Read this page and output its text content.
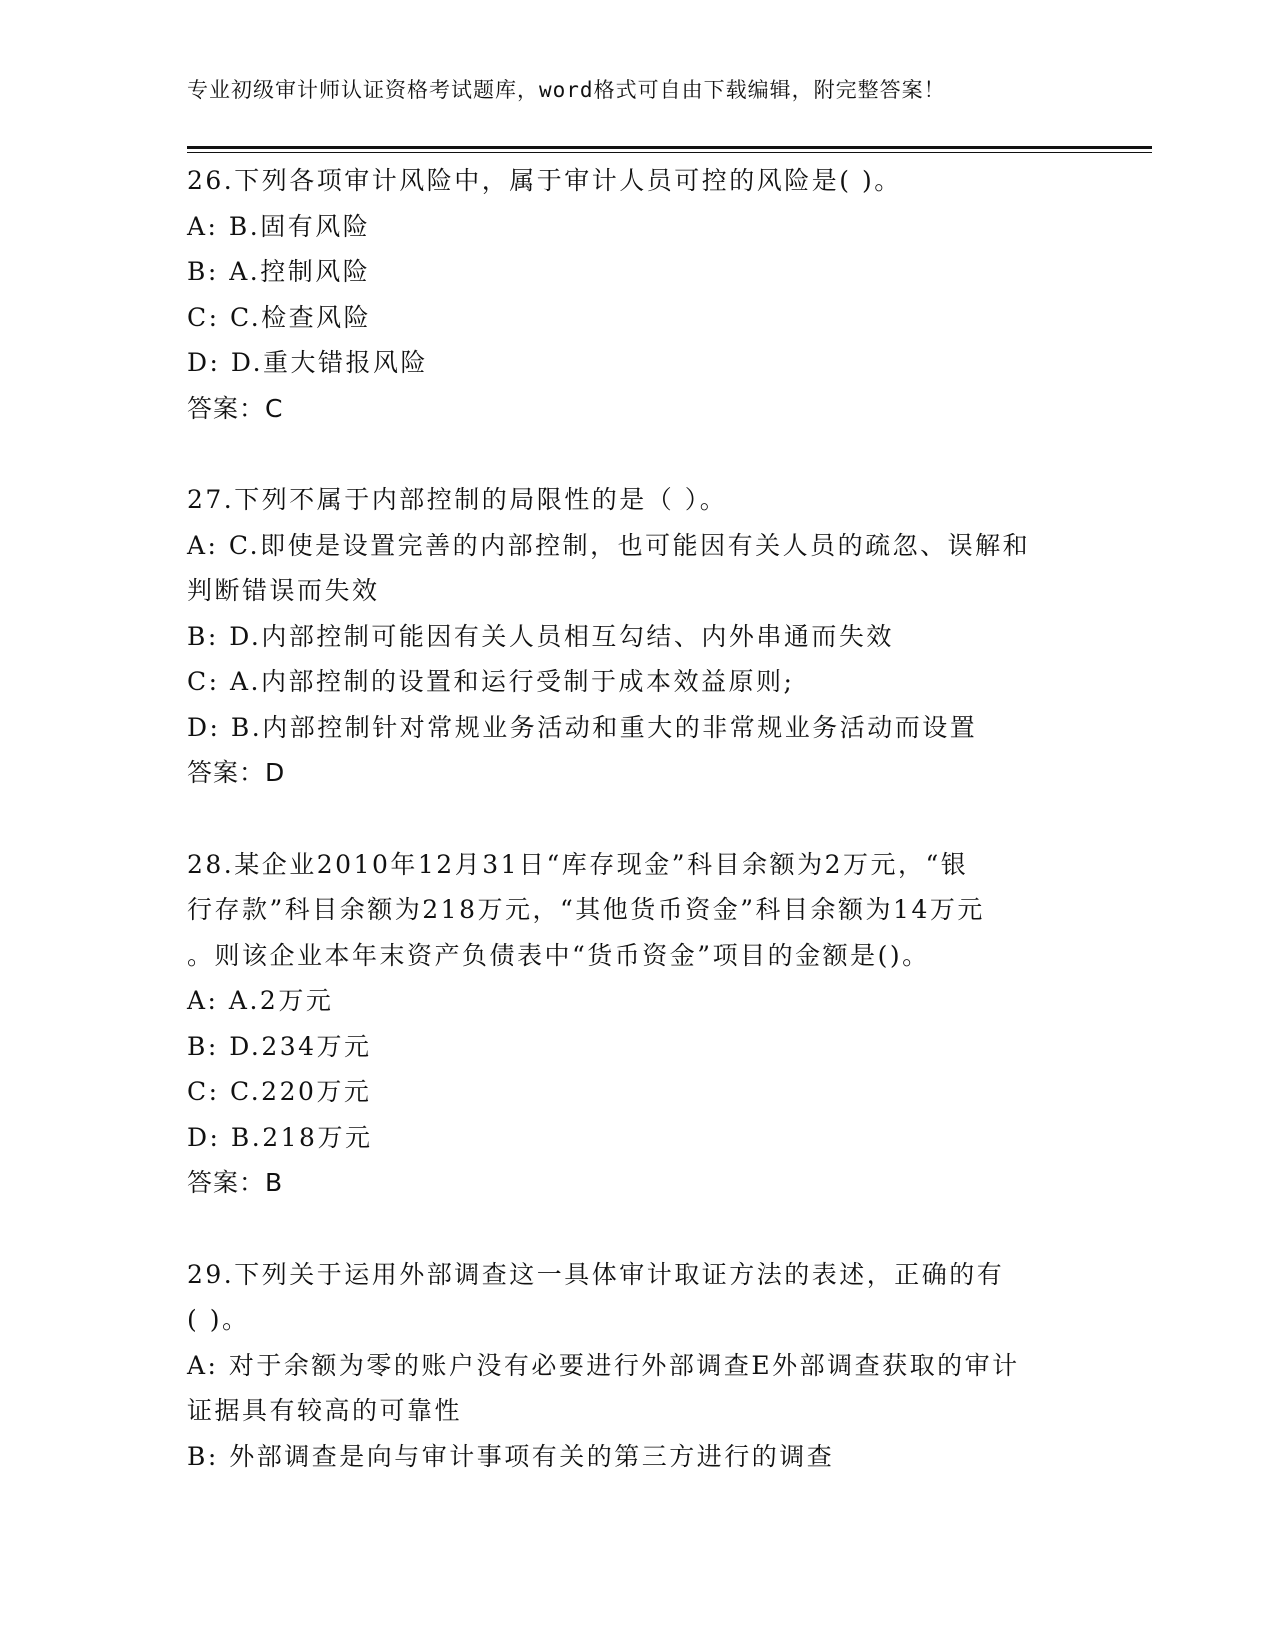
专业初级审计师认证资格考试题库，word格式可自由下载编辑，附完整答案！

26.下列各项审计风险中，属于审计人员可控的风险是( )。

A: B.固有风险

B: A.控制风险

C: C.检查风险

D: D.重大错报风险

答案：C

27.下列不属于内部控制的局限性的是（ ）。

A: C.即使是设置完善的内部控制，也可能因有关人员的疏忽、误解和

判断错误而失效

B: D.内部控制可能因有关人员相互勾结、内外串通而失效

C: A.内部控制的设置和运行受制于成本效益原则;

D: B.内部控制针对常规业务活动和重大的非常规业务活动而设置

答案：D

28.某企业2010年12月31日“库存现金”科目余额为2万元，“银

行存款”科目余额为218万元，“其他货币资金”科目余额为14万元

。则该企业本年末资产负债表中“货币资金”项目的金额是()。

A: A.2万元

B: D.234万元

C: C.220万元

D: B.218万元

答案：B

29.下列关于运用外部调查这一具体审计取证方法的表述，正确的有

( )。

A: 对于余额为零的账户没有必要进行外部调查E外部调查获取的审计

证据具有较高的可靠性

B: 外部调查是向与审计事项有关的第三方进行的调查
